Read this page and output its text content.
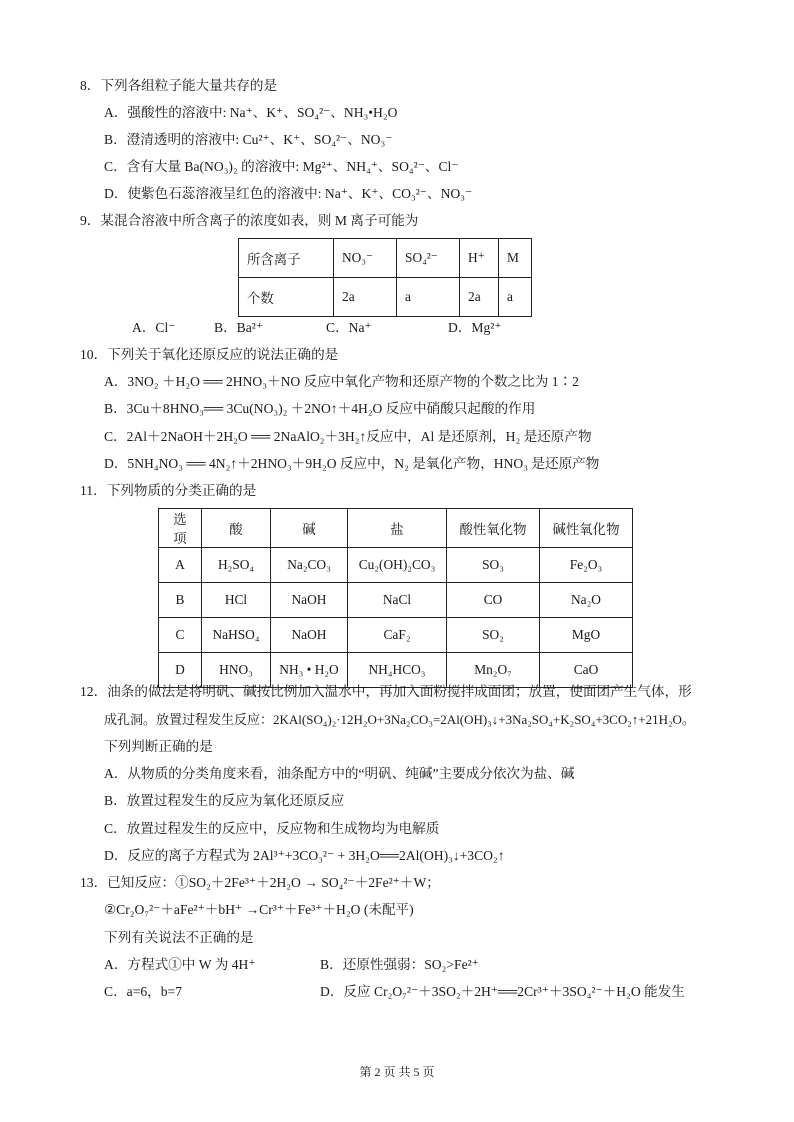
8．下列各组粒子能大量共存的是
A．强酸性的溶液中: Na⁺、K⁺、SO₄²⁻、NH₃•H₂O
B．澄清透明的溶液中: Cu²⁺、K⁺、SO₄²⁻、NO₃⁻
C．含有大量 Ba(NO₃)₂ 的溶液中: Mg²⁺、NH₄⁺、SO₄²⁻、Cl⁻
D．使紫色石蕊溶液呈红色的溶液中: Na⁺、K⁺、CO₃²⁻、NO₃⁻
9．某混合溶液中所含离子的浓度如表，则 M 离子可能为
所含离子	NO₃⁻	SO₄²⁻	H⁺	M
个数	2a	a	2a	a
A．Cl⁻	B．Ba²⁺	C．Na⁺	D．Mg²⁺
10．下列关于氧化还原反应的说法正确的是
A．3NO₂ ＋H₂O ══ 2HNO₃＋NO 反应中氧化产物和还原产物的个数之比为 1∶2
B．3Cu＋8HNO₃══ 3Cu(NO₃)₂ ＋2NO↑＋4H₂O 反应中硝酸只起酸的作用
C．2Al＋2NaOH＋2H₂O ══ 2NaAlO₂＋3H₂↑反应中，Al 是还原剂，H₂ 是还原产物
D．5NH₄NO₃ ══ 4N₂↑＋2HNO₃＋9H₂O 反应中，N₂ 是氧化产物，HNO₃ 是还原产物
11．下列物质的分类正确的是
选项	酸	碱	盐	酸性氧化物	碱性氧化物
A	H₂SO₄	Na₂CO₃	Cu₂(OH)₂CO₃	SO₃	Fe₂O₃
B	HCl	NaOH	NaCl	CO	Na₂O
C	NaHSO₄	NaOH	CaF₂	SO₂	MgO
D	HNO₃	NH₃ • H₂O	NH₄HCO₃	Mn₂O₇	CaO
12．油条的做法是将明矾、碱按比例加入温水中，再加入面粉搅拌成面团；放置，使面团产生气体，形
成孔洞。放置过程发生反应：2KAl(SO₄)₂·12H₂O+3Na₂CO₃=2Al(OH)₃↓+3Na₂SO₄+K₂SO₄+3CO₂↑+21H₂O。
下列判断正确的是
A．从物质的分类角度来看，油条配方中的“明矾、纯碱”主要成分依次为盐、碱
B．放置过程发生的反应为氧化还原反应
C．放置过程发生的反应中，反应物和生成物均为电解质
D．反应的离子方程式为 2Al³⁺+3CO₃²⁻ + 3H₂O══2Al(OH)₃↓+3CO₂↑
13．已知反应：①SO₂＋2Fe³⁺＋2H₂O → SO₄²⁻＋2Fe²⁺＋W；
②Cr₂O₇²⁻＋aFe²⁺＋bH⁺ →Cr³⁺＋Fe³⁺＋H₂O (未配平)
下列有关说法不正确的是
A．方程式①中 W 为 4H⁺	B．还原性强弱：SO₂>Fe²⁺
C．a=6，b=7	D．反应 Cr₂O₇²⁻＋3SO₂＋2H⁺══2Cr³⁺＋3SO₄²⁻＋H₂O 能发生
第 2 页 共 5 页
